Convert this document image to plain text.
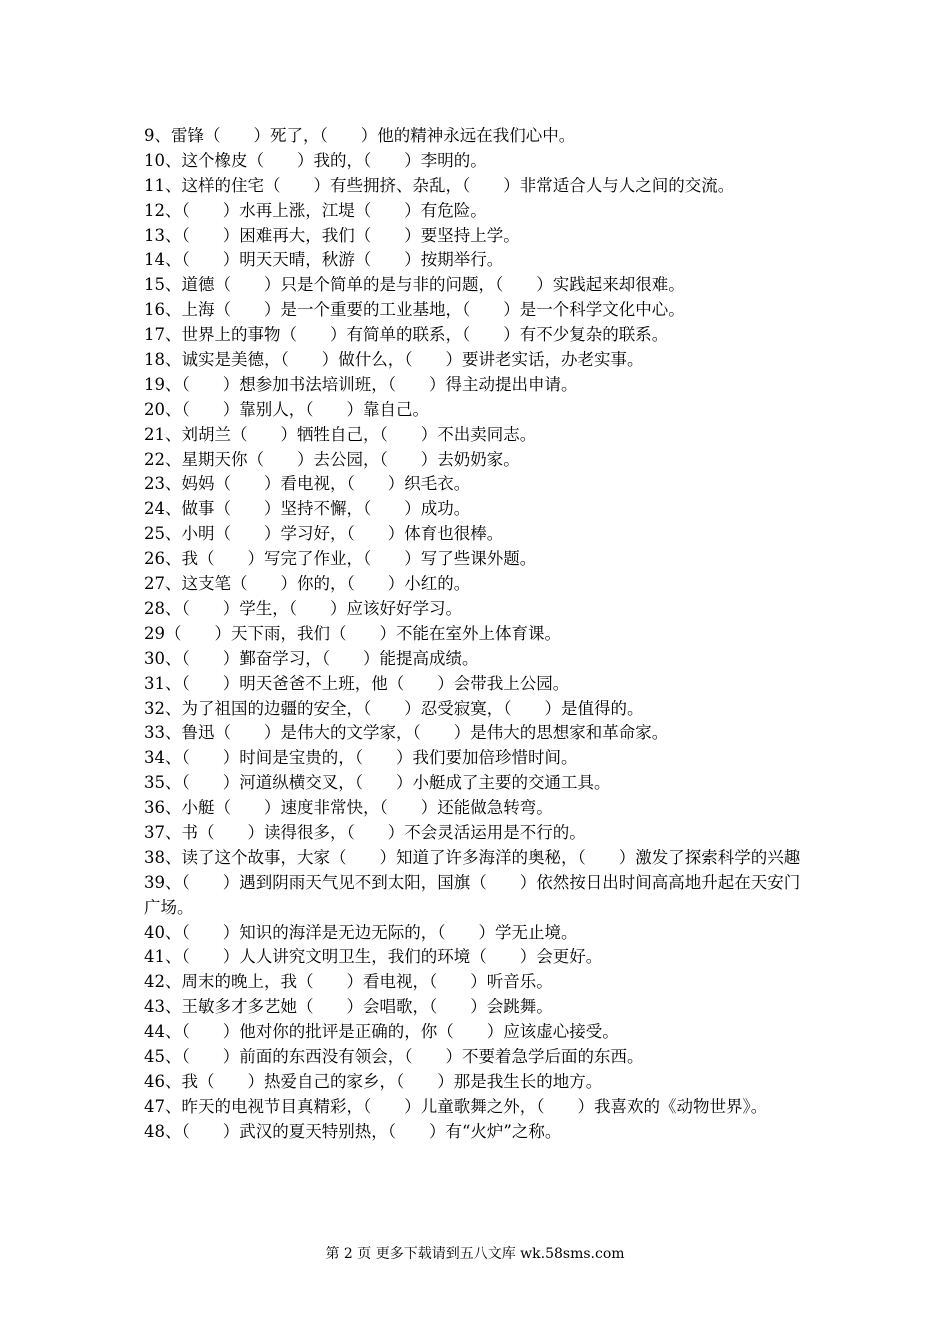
9、雷锋（　　）死了，（　　）他的精神永远在我们心中。
10、这个橡皮（　　）我的，（　　）李明的。
11、这样的住宅（　　）有些拥挤、杂乱，（　　）非常适合人与人之间的交流。
12、（　　）水再上涨，江堤（　　）有危险。
13、（　　）困难再大，我们（　　）要坚持上学。
14、（　　）明天天晴，秋游（　　）按期举行。
15、道德（　　）只是个简单的是与非的问题，（　　）实践起来却很难。
16、上海（　　）是一个重要的工业基地，（　　）是一个科学文化中心。
17、世界上的事物（　　）有简单的联系，（　　）有不少复杂的联系。
18、诚实是美德，（　　）做什么，（　　）要讲老实话，办老实事。
19、（　　）想参加书法培训班，（　　）得主动提出申请。
20、（　　）靠别人，（　　）靠自己。
21、刘胡兰（　　）牺牲自己，（　　）不出卖同志。
22、星期天你（　　）去公园，（　　）去奶奶家。
23、妈妈（　　）看电视，（　　）织毛衣。
24、做事（　　）坚持不懈，（　　）成功。
25、小明（　　）学习好，（　　）体育也很棒。
26、我（　　）写完了作业，（　　）写了些课外题。
27、这支笔（　　）你的，（　　）小红的。
28、（　　）学生，（　　）应该好好学习。
29（　　）天下雨，我们（　　）不能在室外上体育课。
30、（　　）鄞奋学习，（　　）能提高成绩。
31、（　　）明天爸爸不上班，他（　　）会带我上公园。
32、为了祖国的边疆的安全，（　　）忍受寂寞，（　　）是值得的。
33、鲁迅（　　）是伟大的文学家，（　　）是伟大的思想家和革命家。
34、（　　）时间是宝贵的，（　　）我们要加倍珍惜时间。
35、（　　）河道纵横交叉，（　　）小艇成了主要的交通工具。
36、小艇（　　）速度非常快，（　　）还能做急转弯。
37、书（　　）读得很多，（　　）不会灵活运用是不行的。
38、读了这个故事，大家（　　）知道了许多海洋的奥秘，（　　）激发了探索科学的兴趣
39、（　　）遇到阴雨天气见不到太阳，国旗（　　）依然按日出时间高高地升起在天安门广场。
40、（　　）知识的海洋是无边无际的，（　　）学无止境。
41、（　　）人人讲究文明卫生，我们的环境（　　）会更好。
42、周末的晚上，我（　　）看电视，（　　）听音乐。
43、王敏多才多艺她（　　）会唱歌，（　　）会跳舞。
44、（　　）他对你的批评是正确的，你（　　）应该虚心接受。
45、（　　）前面的东西没有领会，（　　）不要着急学后面的东西。
46、我（　　）热爱自己的家乡，（　　）那是我生长的地方。
47、昨天的电视节目真精彩，（　　）儿童歌舞之外，（　　）我喜欢的《动物世界》。
48、（　　）武汉的夏天特别热，（　　）有“火炉”之称。
第 2 页 更多下载请到五八文库 wk.58sms.com
